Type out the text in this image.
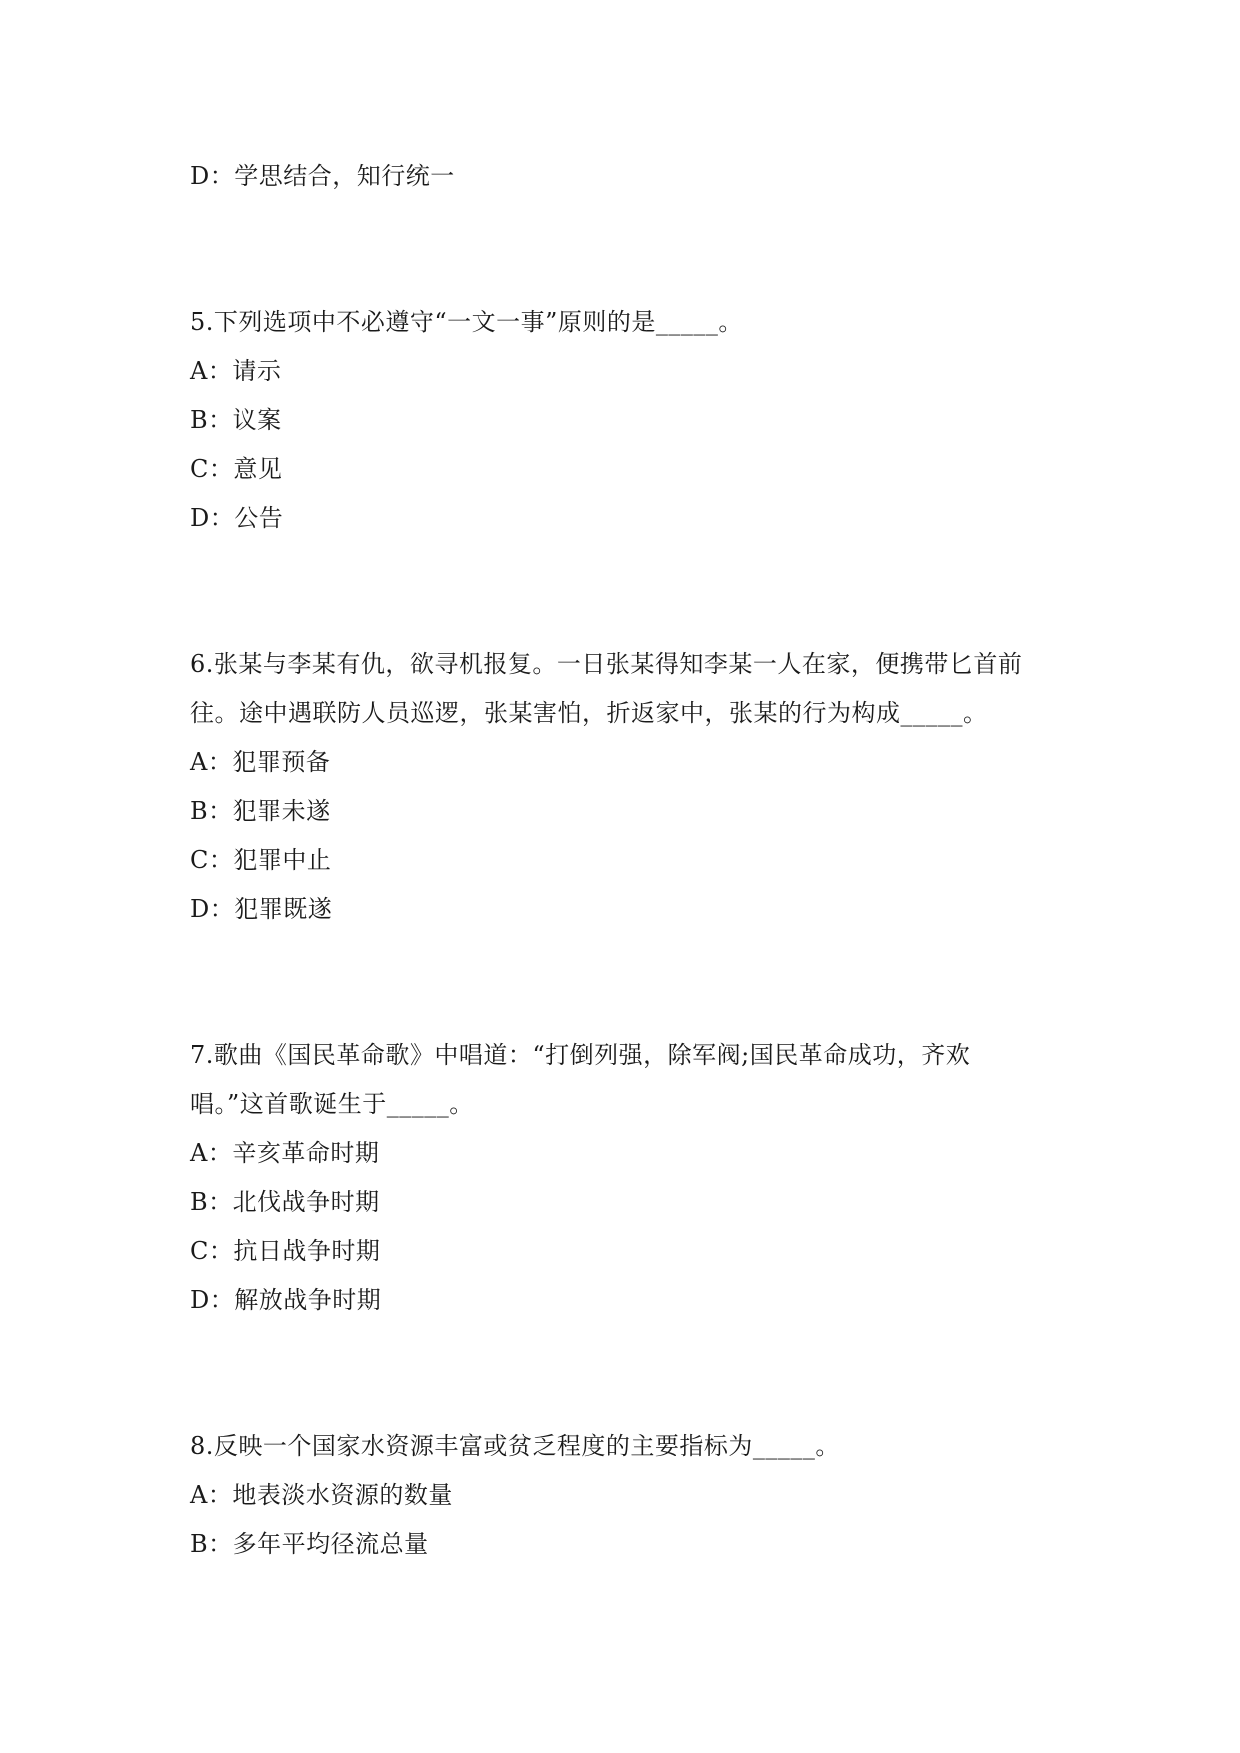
D：学思结合，知行统一
5.下列选项中不必遵守“一文一事”原则的是_____。
A：请示
B：议案
C：意见
D：公告
6.张某与李某有仇，欲寻机报复。一日张某得知李某一人在家，便携带匕首前
往。途中遇联防人员巡逻，张某害怕，折返家中，张某的行为构成_____。
A：犯罪预备
B：犯罪未遂
C：犯罪中止
D：犯罪既遂
7.歌曲《国民革命歌》中唱道：“打倒列强，除军阀;国民革命成功，齐欢
唱。”这首歌诞生于_____。
A：辛亥革命时期
B：北伐战争时期
C：抗日战争时期
D：解放战争时期
8.反映一个国家水资源丰富或贫乏程度的主要指标为_____。
A：地表淡水资源的数量
B：多年平均径流总量
